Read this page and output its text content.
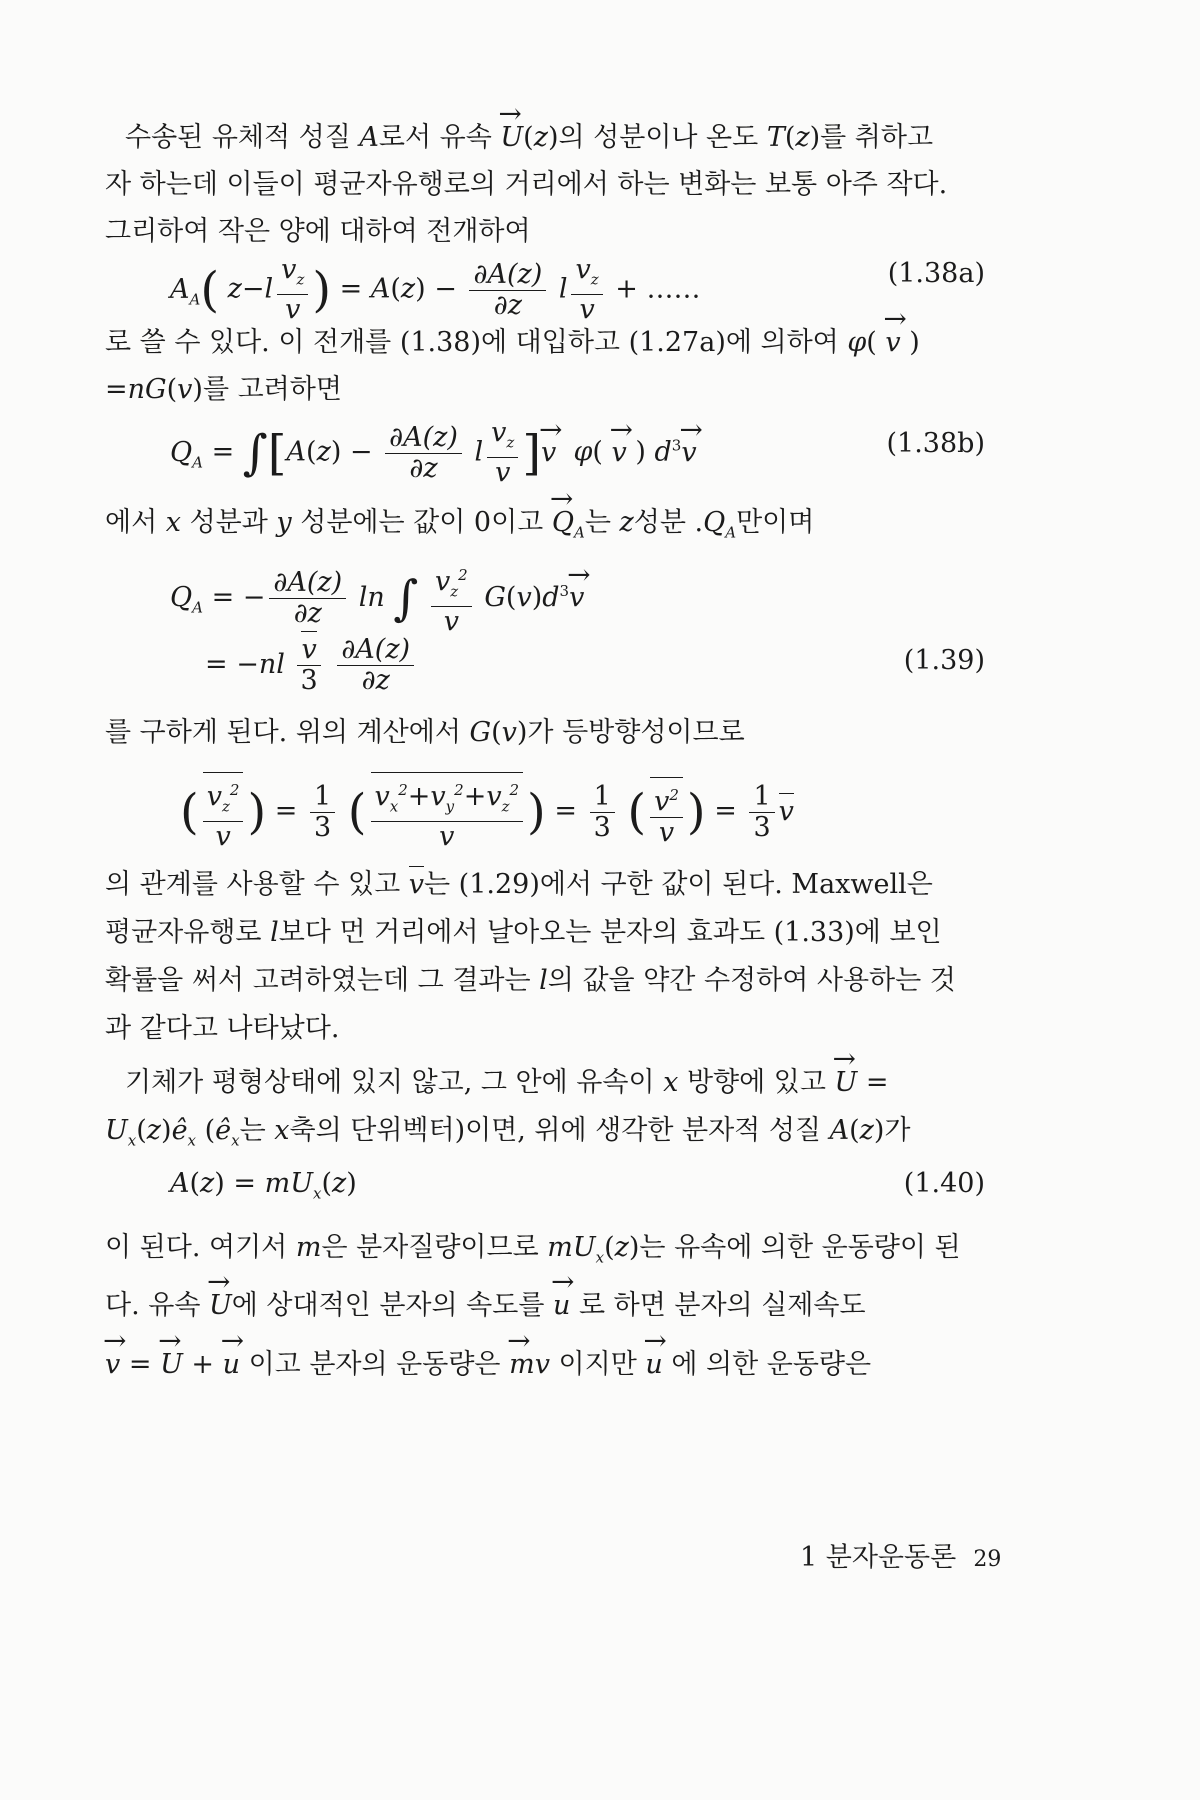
수송된 유체적 성질 A로서 유속 → U(z)의 성분이나 온도 T(z)를 취하고
자 하는데 이들이 평균자유행로의 거리에서 하는 변화는 보통 아주 작다.
그리하여 작은 양에 대하여 전개하여
$A_A$( $z-l \frac{v_z}{v}$ ) = $A(z) - \frac{\partial A(z)}{\partial z}$ l $\frac{v_z}{v}$ + ……
(1.38a)
로 쓸 수 있다. 이 전개를 (1.38)에 대입하고 (1.27a)에 의하여 φ( → v )
=nG(v)를 고려하면
$Q_A = \int[A(z) - \frac{\partial A(z)}{\partial z}$ l $\frac{v_z}{v}$ ]→ v φ( → v ) $d^3\to v$	(1.38b)
에서 x 성분과 y 성분에는 값이 0이고 → $Q_A$는 z성분 $.Q_A$만이며
$Q_A$ = − $\frac{\partial A(z)}{\partial z}$ ln ∫ $\frac{v_z^2}{v} G(v)d^3\to v$
= $-nl \frac{v}{3}$
$\frac{\partial A(z)}{\partial z}$	(1.39)
를 구하게 된다. 위의 계산에서 G(v)가 등방향성이므로
( $\frac{v_z^2}{v}$ ) = $\frac{1}{3}$ ( $\frac{v_x^2+v_y^2+v_z^2}{v}$ ) = $\frac{1}{3}$ ( $\frac{v^2}{v}$ ) = $\frac{1}{3}$ v
의 관계를 사용할 수 있고 v는 (1.29)에서 구한 값이 된다. Maxwell은
평균자유행로 l보다 먼 거리에서 날아오는 분자의 효과도 (1.33)에 보인
확률을 써서 고려하였는데 그 결과는 l의 값을 약간 수정하여 사용하는 것
과 같다고 나타났다.
기체가 평형상태에 있지 않고, 그 안에 유속이 x 방향에 있고 → U =
$U_x(z)ê_x$ ($ê_x$는 x축의 단위벡터)이면, 위에 생각한 분자적 성질 A(z)가
$A(z) = mU_x(z)$	(1.40)
이 된다. 여기서 m은 분자질량이므로 $mU_x(z)$는 유속에 의한 운동량이 된
다. 유속 → U에 상대적인 분자의 속도를 → u 로 하면 분자의 실제속도
→ v = → U + → u 이고 분자의 운동량은 → mv 이지만 → u 에 의한 운동량은
1 분자운동론 29
